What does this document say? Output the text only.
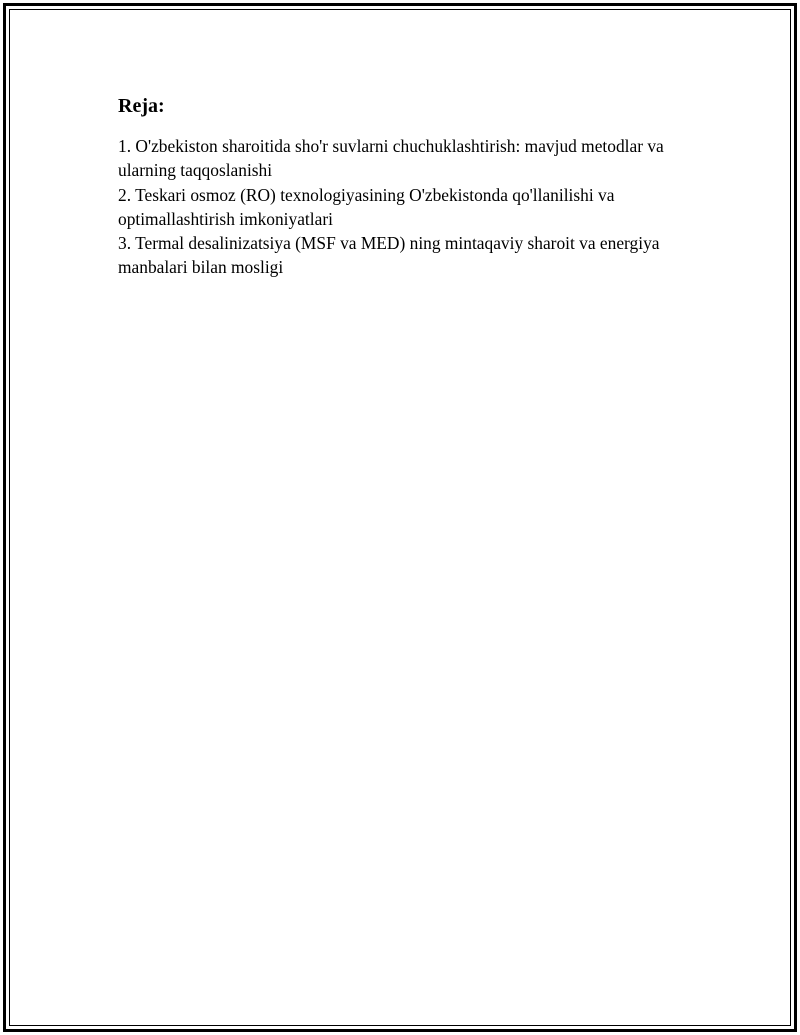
Reja:
1. O'zbekiston sharoitida sho'r suvlarni chuchuklashtirish: mavjud metodlar va ularning taqqoslanishi
2. Teskari osmoz (RO) texnologiyasining O'zbekistonda qo'llanilishi va optimallashtirish imkoniyatlari
3. Termal desalinizatsiya (MSF va MED) ning mintaqaviy sharoit va energiya manbalari bilan mosligi
